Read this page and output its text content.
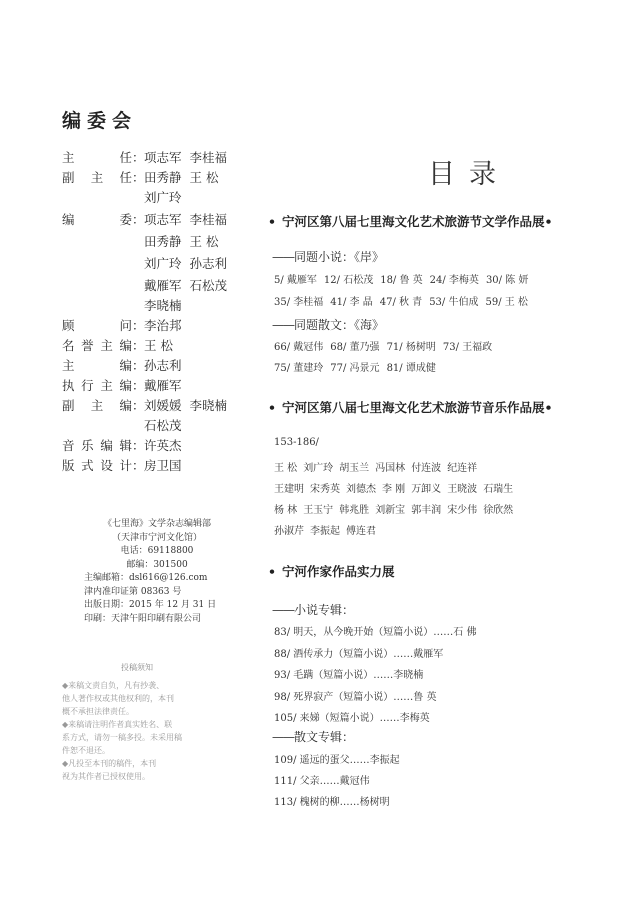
编委会
主任：项志军 李桂福
副主任：田秀静 王 松
刘广玲
编委：项志军 李桂福
田秀静 王 松
刘广玲 孙志利
戴雁军 石松茂
李晓楠
顾问：李治邦
名誉主编：王 松
主编：孙志利
执行主编：戴雁军
副主编：刘媛媛 李晓楠
石松茂
音乐编辑：许英杰
版式设计：房卫国
《七里海》文学杂志编辑部
（天津市宁河文化馆）
电话：69118800
邮编：301500
主编邮箱：dsl616@126.com
津内准印证第 08363 号
出版日期：2015 年 12 月 31 日
印刷：天津午阳印刷有限公司
投稿须知
◆来稿文责自负，凡有抄袭、
他人著作权或其他权利的，本刊
概不承担法律责任。
◆来稿请注明作者真实姓名、联
系方式，请勿一稿多投。未采用稿
件恕不退还。
◆凡投至本刊的稿件，本刊
视为其作者已授权使用。
目录
• 宁河区第八届七里海文化艺术旅游节文学作品展•
——同题小说：《岸》
5/ 戴雁军 12/ 石松茂 18/ 鲁 英 24/ 李梅英 30/ 陈 妍
35/ 李桂福 41/ 李 晶 47/ 秋 青 53/ 牛伯成 59/ 王 松
——同题散文：《海》
66/ 戴冠伟 68/ 董乃强 71/ 杨树明 73/ 王福政
75/ 董建玲 77/ 冯景元 81/ 谭成健
• 宁河区第八届七里海文化艺术旅游节音乐作品展•
153-186/
王 松 刘广玲 胡玉兰 冯国林 付连波 纪连祥
王建明 宋秀英 刘德杰 李 刚 万卸义 王晓波 石瑞生
杨 林 王玉宁 韩兆胜 刘新宝 郭丰润 宋少伟 徐欣然
孙淑芹 李振起 傅连君
• 宁河作家作品实力展
——小说专辑：
83/ 明天，从今晚开始（短篇小说）……石 佛
88/ 酒传承力（短篇小说）……戴雁军
93/ 毛蹒（短篇小说）……李晓楠
98/ 死界寂产（短篇小说）……鲁 英
105/ 来娣（短篇小说）……李梅英
——散文专辑：
109/ 遥远的蛋父……李振起
111/ 父亲……戴冠伟
113/ 槐树的柳……杨树明
